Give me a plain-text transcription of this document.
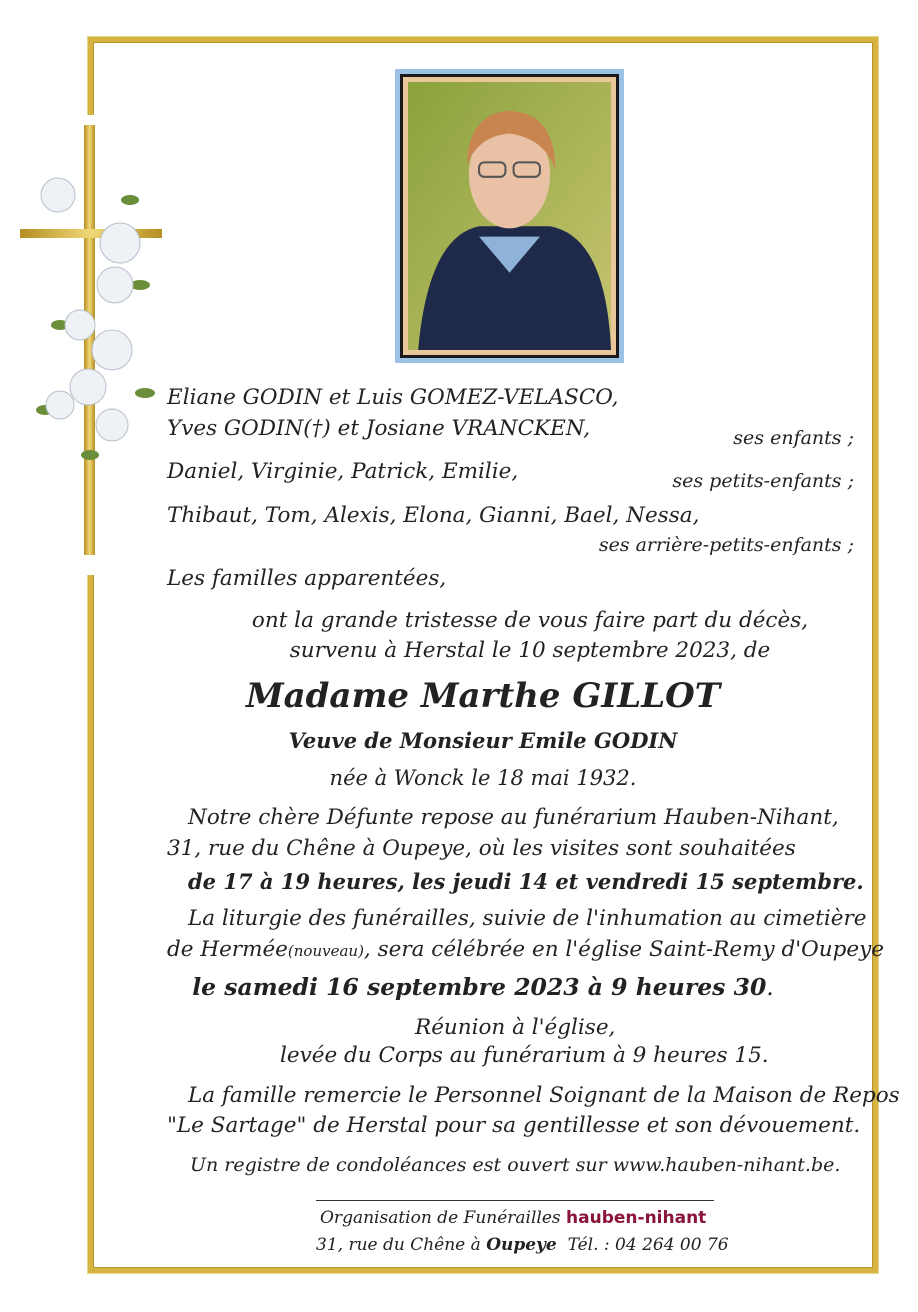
Eliane GODIN et Luis GOMEZ-VELASCO,
Yves GODIN(†) et Josiane VRANCKEN,	ses enfants ;
Daniel, Virginie, Patrick, Emilie,	ses petits-enfants ;
Thibaut, Tom, Alexis, Elona, Gianni, Bael, Nessa,
ses arrière-petits-enfants ;
Les familles apparentées,
ont la grande tristesse de vous faire part du décès,
survenu à Herstal le 10 septembre 2023, de
Madame Marthe GILLOT
Veuve de Monsieur Emile GODIN
née à Wonck le 18 mai 1932.
Notre chère Défunte repose au funérarium Hauben-Nihant,
31, rue du Chêne à Oupeye, où les visites sont souhaitées
de 17 à 19 heures, les jeudi 14 et vendredi 15 septembre.
La liturgie des funérailles, suivie de l'inhumation au cimetière
de Hermée(nouveau), sera célébrée en l'église Saint-Remy d'Oupeye
le samedi 16 septembre 2023 à 9 heures 30.
Réunion à l'église,
levée du Corps au funérarium à 9 heures 15.
La famille remercie le Personnel Soignant de la Maison de Repos
"Le Sartage" de Herstal pour sa gentillesse et son dévouement.
Un registre de condoléances est ouvert sur www.hauben-nihant.be.
Organisation de Funérailles hauben-nihant
31, rue du Chêne à Oupeye Tél. : 04 264 00 76
